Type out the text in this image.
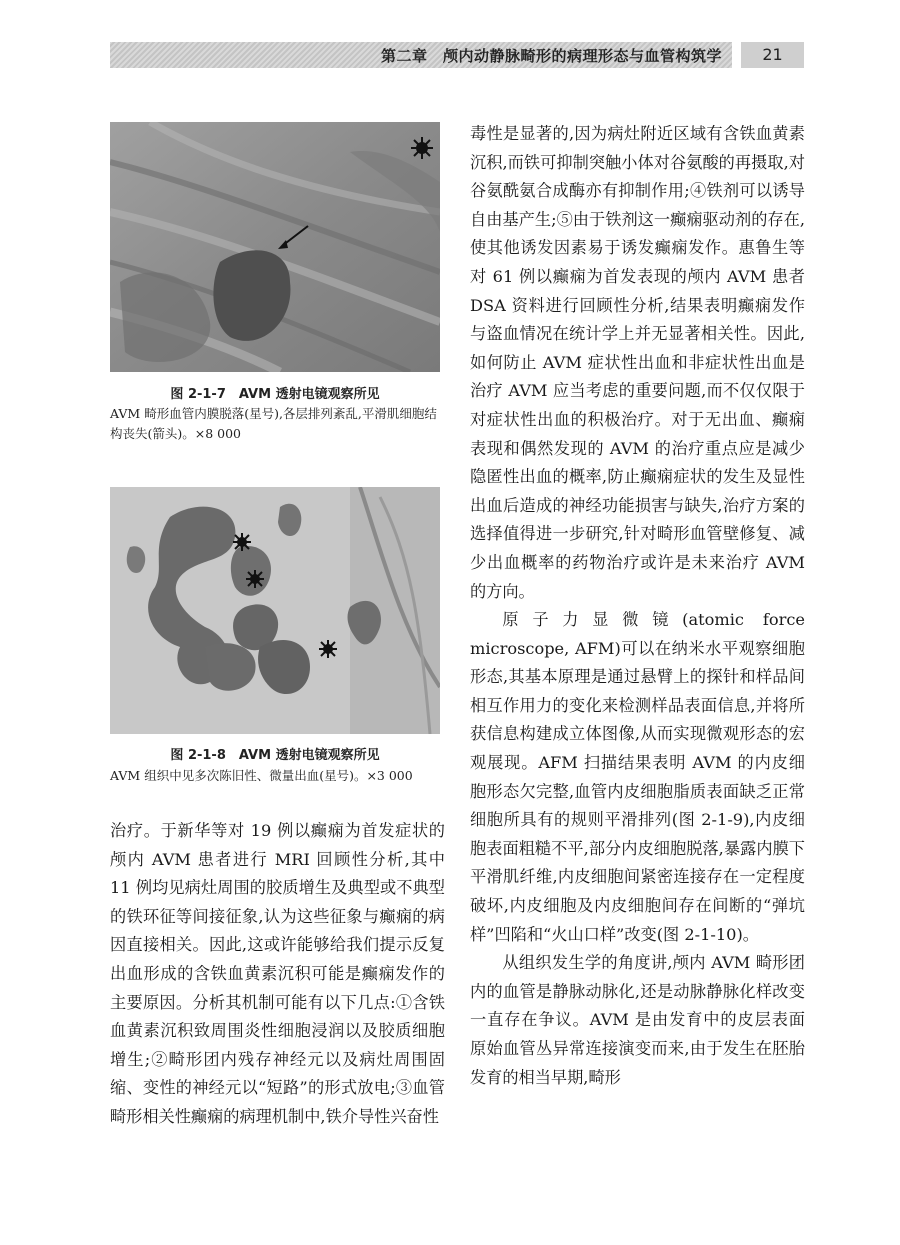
第二章　颅内动静脉畸形的病理形态与血管构筑学	21
图 2-1-7　AVM 透射电镜观察所见
AVM 畸形血管内膜脱落(星号),各层排列紊乱,平滑肌细胞结构丧失(箭头)。×8 000
图 2-1-8　AVM 透射电镜观察所见
AVM 组织中见多次陈旧性、微量出血(星号)。×3 000

治疗。于新华等对 19 例以癫痫为首发症状的颅内 AVM 患者进行 MRI 回顾性分析,其中 11 例均见病灶周围的胶质增生及典型或不典型的铁环征等间接征象,认为这些征象与癫痫的病因直接相关。因此,这或许能够给我们提示反复出血形成的含铁血黄素沉积可能是癫痫发作的主要原因。分析其机制可能有以下几点:①含铁血黄素沉积致周围炎性细胞浸润以及胶质细胞增生;②畸形团内残存神经元以及病灶周围固缩、变性的神经元以“短路”的形式放电;③血管畸形相关性癫痫的病理机制中,铁介导性兴奋性

毒性是显著的,因为病灶附近区域有含铁血黄素沉积,而铁可抑制突触小体对谷氨酸的再摄取,对谷氨酰氨合成酶亦有抑制作用;④铁剂可以诱导自由基产生;⑤由于铁剂这一癫痫驱动剂的存在,使其他诱发因素易于诱发癫痫发作。惠鲁生等对 61 例以癫痫为首发表现的颅内 AVM 患者 DSA 资料进行回顾性分析,结果表明癫痫发作与盗血情况在统计学上并无显著相关性。因此,如何防止 AVM 症状性出血和非症状性出血是治疗 AVM 应当考虑的重要问题,而不仅仅限于对症状性出血的积极治疗。对于无出血、癫痫表现和偶然发现的 AVM 的治疗重点应是减少隐匿性出血的概率,防止癫痫症状的发生及显性出血后造成的神经功能损害与缺失,治疗方案的选择值得进一步研究,针对畸形血管壁修复、减少出血概率的药物治疗或许是未来治疗 AVM 的方向。

原子力显微镜(atomic force microscope, AFM)可以在纳米水平观察细胞形态,其基本原理是通过悬臂上的探针和样品间相互作用力的变化来检测样品表面信息,并将所获信息构建成立体图像,从而实现微观形态的宏观展现。AFM 扫描结果表明 AVM 的内皮细胞形态欠完整,血管内皮细胞脂质表面缺乏正常细胞所具有的规则平滑排列(图 2-1-9),内皮细胞表面粗糙不平,部分内皮细胞脱落,暴露内膜下平滑肌纤维,内皮细胞间紧密连接存在一定程度破坏,内皮细胞及内皮细胞间存在间断的“弹坑样”凹陷和“火山口样”改变(图 2-1-10)。

从组织发生学的角度讲,颅内 AVM 畸形团内的血管是静脉动脉化,还是动脉静脉化样改变一直存在争议。AVM 是由发育中的皮层表面原始血管丛异常连接演变而来,由于发生在胚胎发育的相当早期,畸形
